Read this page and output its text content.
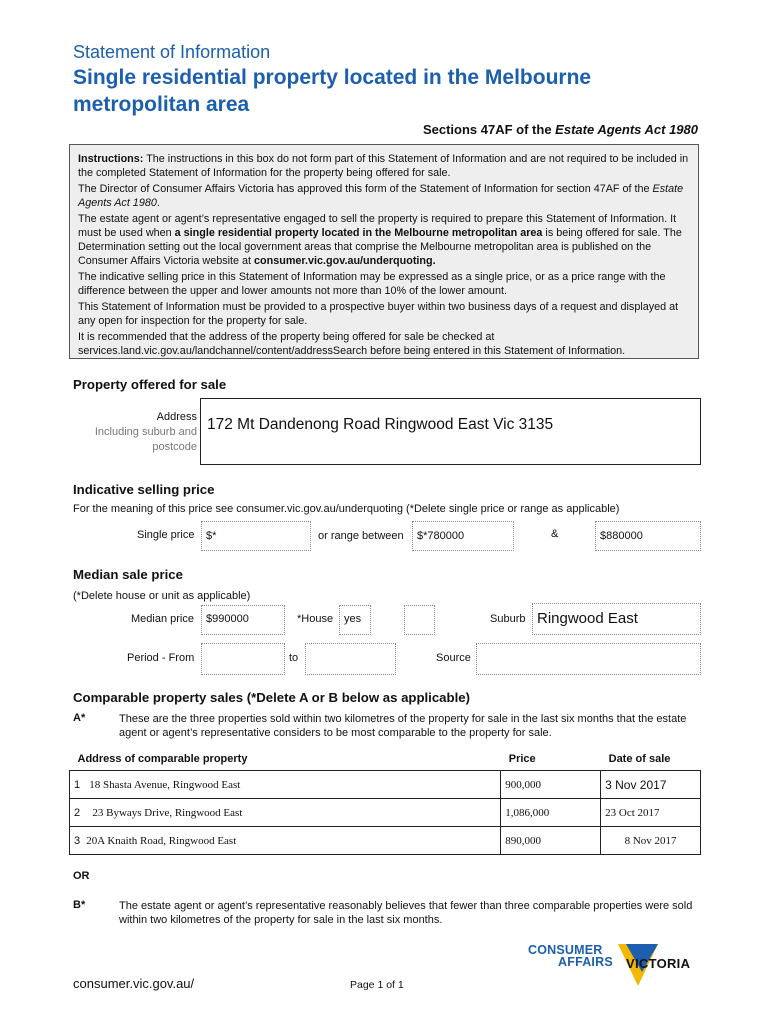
Statement of Information
Single residential property located in the Melbourne metropolitan area
Sections 47AF of the Estate Agents Act 1980

Instructions: The instructions in this box do not form part of this Statement of Information and are not required to be included in the completed Statement of Information for the property being offered for sale.

The Director of Consumer Affairs Victoria has approved this form of the Statement of Information for section 47AF of the Estate Agents Act 1980.

The estate agent or agent’s representative engaged to sell the property is required to prepare this Statement of Information. It must be used when a single residential property located in the Melbourne metropolitan area is being offered for sale. The Determination setting out the local government areas that comprise the Melbourne metropolitan area is published on the Consumer Affairs Victoria website at consumer.vic.gov.au/underquoting.

The indicative selling price in this Statement of Information may be expressed as a single price, or as a price range with the difference between the upper and lower amounts not more than 10% of the lower amount.

This Statement of Information must be provided to a prospective buyer within two business days of a request and displayed at any open for inspection for the property for sale.

It is recommended that the address of the property being offered for sale be checked at services.land.vic.gov.au/landchannel/content/addressSearch before being entered in this Statement of Information.

Property offered for sale
Address
Including suburb and
postcode
172 Mt Dandenong Road Ringwood East Vic 3135
Indicative selling price
For the meaning of this price see consumer.vic.gov.au/underquoting (*Delete single price or range as applicable)
Single price	$*	or range between	$*780000	&	$880000
Median sale price
(*Delete house or unit as applicable)
Median price	$990000	*House yes	Suburb Ringwood East
Period - From	to	Source
Comparable property sales (*Delete A or B below as applicable)
A*	These are the three properties sold within two kilometres of the property for sale in the last six months that the estate agent or agent’s representative considers to be most comparable to the property for sale.
Address of comparable property	Price	Date of sale
1 18 Shasta Avenue, Ringwood East	900,000	3 Nov 2017
2 23 Byways Drive, Ringwood East	1,086,000	23 Oct 2017
3 20A Knaith Road, Ringwood East	890,000	8 Nov 2017
OR
B*	The estate agent or agent’s representative reasonably believes that fewer than three comparable properties were sold within two kilometres of the property for sale in the last six months.
consumer.vic.gov.au/	Page 1 of 1
CONSUMER
AFFAIRS VICTORIA
